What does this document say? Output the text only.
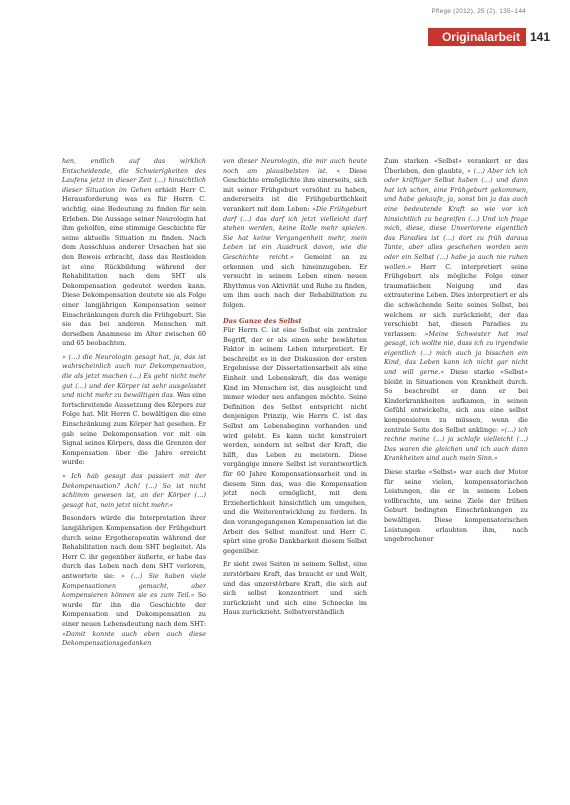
Pflege (2012), 25 (2), 135–144
Originalarbeit 141

hen, endlich auf das wirklich Entscheidende, die Schwierigkeiten des Laufens jetzt in dieser Zeit (…) hinsichtlich dieser Situation im Gehen erhielt Herr C. Herausforderung was es für Herrn C. wichtig, eine Bedeutung zu finden für sein Erleben. Die Aussage seiner Neurologin hat ihm geholfen, eine stimmige Geschichte für seine aktuelle Situation zu finden. Nach dem Ausschluss anderer Ursachen hat sie den Beweis erbracht, dass das Restleiden ist eine Rückbildung während der Rehabilitation nach dem SHT als Dekompensation gedeutet werden kann. Diese Dekompensation deutete sie als Folge einer langjährigen Kompensation seiner Einschränkungen durch die Frühgeburt. Sie sie das bei anderen Menschen mit derselben Anamnese im Alter zwischen 60 und 65 beobachten.

» (…) die Neurologin gesagt hat, ja, das ist wahrscheinlich auch nur Dekompensation, die als jetzt machen (…) Es geht nicht mehr gut (…) und der Körper ist sehr ausgelastet und nicht mehr zu bewältigen das. Was eine fortschreitende Aussetzung des Körpers zur Folge hat. Mit Herrn C. bewältigen die eine Einschränkung zum Körper hat gesehen. Er gab seine Dekompensation vor mit ein Signal seines Körpers, dass die Grenzen der Kompensation über die Jahre erreicht wurde:

» Ich hab gesagt das passiert mit der Dekompensation? Ach! (…) So ist nicht schlimm gewesen ist, an der Körper (…) gesagt hat, nein jetzt nicht mehr.«

Besonders würde die Interpretation ihrer langjährigen Kompensation der Frühgeburt durch seine Ergotherapeutin während der Rehabilitation nach dem SHT begleitet. Als Herr C. ihr gegenüber äußerte, er habe das durch das Leben nach dem SHT verloren, antwortete sie: » (…) Sie haben viele Kompensationen gemacht, aber kompensieren können sie es zum Teil.« So wurde für ihn die Geschichte der Kompensation und Dekompensation zu einer neuen Lebensdeutung nach dem SHT: »Damit konnte auch eben auch diese Dekompensationsgedanken

von dieser Neurologin, die mir auch heute noch am plausibelsten ist. « Diese Geschichte ermöglichte ihm einerseits, sich mit seiner Frühgeburt versöhnt zu haben, andererseits ist die Frühgeburtlichkeit verankert mit dem Leben: »Die Frühgeburt darf (…) das darf ich jetzt vielleicht darf stehen werden, keine Rolle mehr spielen. Sie hat keine Vergangenheit mehr, mein Leben ist ein Ausdruck davon, wie die Geschichte reicht.« Gemeint an zu erkennen und sich hineinzugeben. Er versucht in seinem Leben einen neuen Rhythmus von Aktivität und Ruhe zu finden, um ihm auch nach der Rehabilitation zu folgen.

Das Ganze des Selbst

Für Herrn C. ist eine Selbst ein zentraler Begriff, der er als einen sehr bewährten Faktor in seinem Leben interpretiert. Er beschreibt es in der Diskussion der ersten Ergebnisse der Dissertationsarbeit als eine Einheit und Lebenskraft, die das wenige Kind im Menschen ist, das ausgleicht und immer wieder neu anfangen möchte. Seine Definition des Selbst entspricht nicht denjenigen Prinzip, wie Herrn C. ist das Selbst am Lebensbeginn vorhanden und wird gelebt. Es kann nicht konstruiert werden, sondern ist selbst der Kraft, die hilft, das Leben zu meistern. Diese vorgängige innere Selbst ist verantwortlich für 60 Jahre Kompensationsarbeit und in diesem Sinn das, was die Kompensation jetzt noch ermöglicht, mit dem Erzieherlichkeit hinsichtlich um umgehen, und die Weiterentwicklung zu fordern. In den vorangegangenen Kompensation ist die Arbeit des Selbst manifest und Herr C. spürt eine große Dankbarkeit diesem Selbst gegenüber.

Er sieht zwei Seiten in seinem Selbst, eine zerstörbare Kraft, das braucht er und Welt, und das unzerstörbare Kraft, die sich auf sich selbst konzentriert und sich zurückzieht und sich eine Schnecke im Haus zurückzieht. Selbstverständlich

Zum starken «Selbst» verankert er das Überleben, den glaubte, » (…) Aber ich ich oder kräftiger Selbst haben (…) und dann hat ich schon, eine Frühgeburt gekommen, und habe gekaufe, ja, sonst bin ja das auch eine bedeutende Kraft so wie vor ich hinsichtlich zu begreifen (…) Und ich frage mich, diese, diese Unverlorene eigentlich das Paradies ist (…) dort zu früh daraus Tante, aber alles geschehen worden sein oder ein Selbst (…) habe ja auch nie ruhen wollen.« Herr C. interpretiert seine Frühgeburt als mögliche Folge einer traumatischen Neigung und das extrauterine Leben. Dies interpretiert er als die schwächende Seite seines Selbst, bei welchem er sich zurückzieht, der das verschiebt hat, diesen Paradies zu verlassen: »Meine Schwester hat mal gesagt, ich wollte nie, dass ich zu irgendwie eigentlich (…) mich auch ja bisschen ein Kind, das Leben kann ich nicht gar nicht und will gerne.« Diese starke «Selbst» bleibt in Situationen von Krankheit durch. So beschreibt er dann er bei Kinderkrankheiten aufkamen, in seinen Gefühl entwickelte, sich aus eine selbst kompensieren zu müssen, wenn die zentrale Seite des Selbst anklinge: »(…) ich rechne meine (…) ja schlafe vielleicht (…) Das waren die gleichen und ich auch dann Krankheiten sind auch mein Sinn.«

Diese starke «Selbst» war auch der Motor für seine vielen, kompensatorischen Leistungen, die er in seinem Leben vollbrachte, um seine Ziele der frühen Geburt bedingten Einschränkungen zu bewältigen. Diese kompensatorischen Leistungen erlaubten ihm, nach ungebrochener
